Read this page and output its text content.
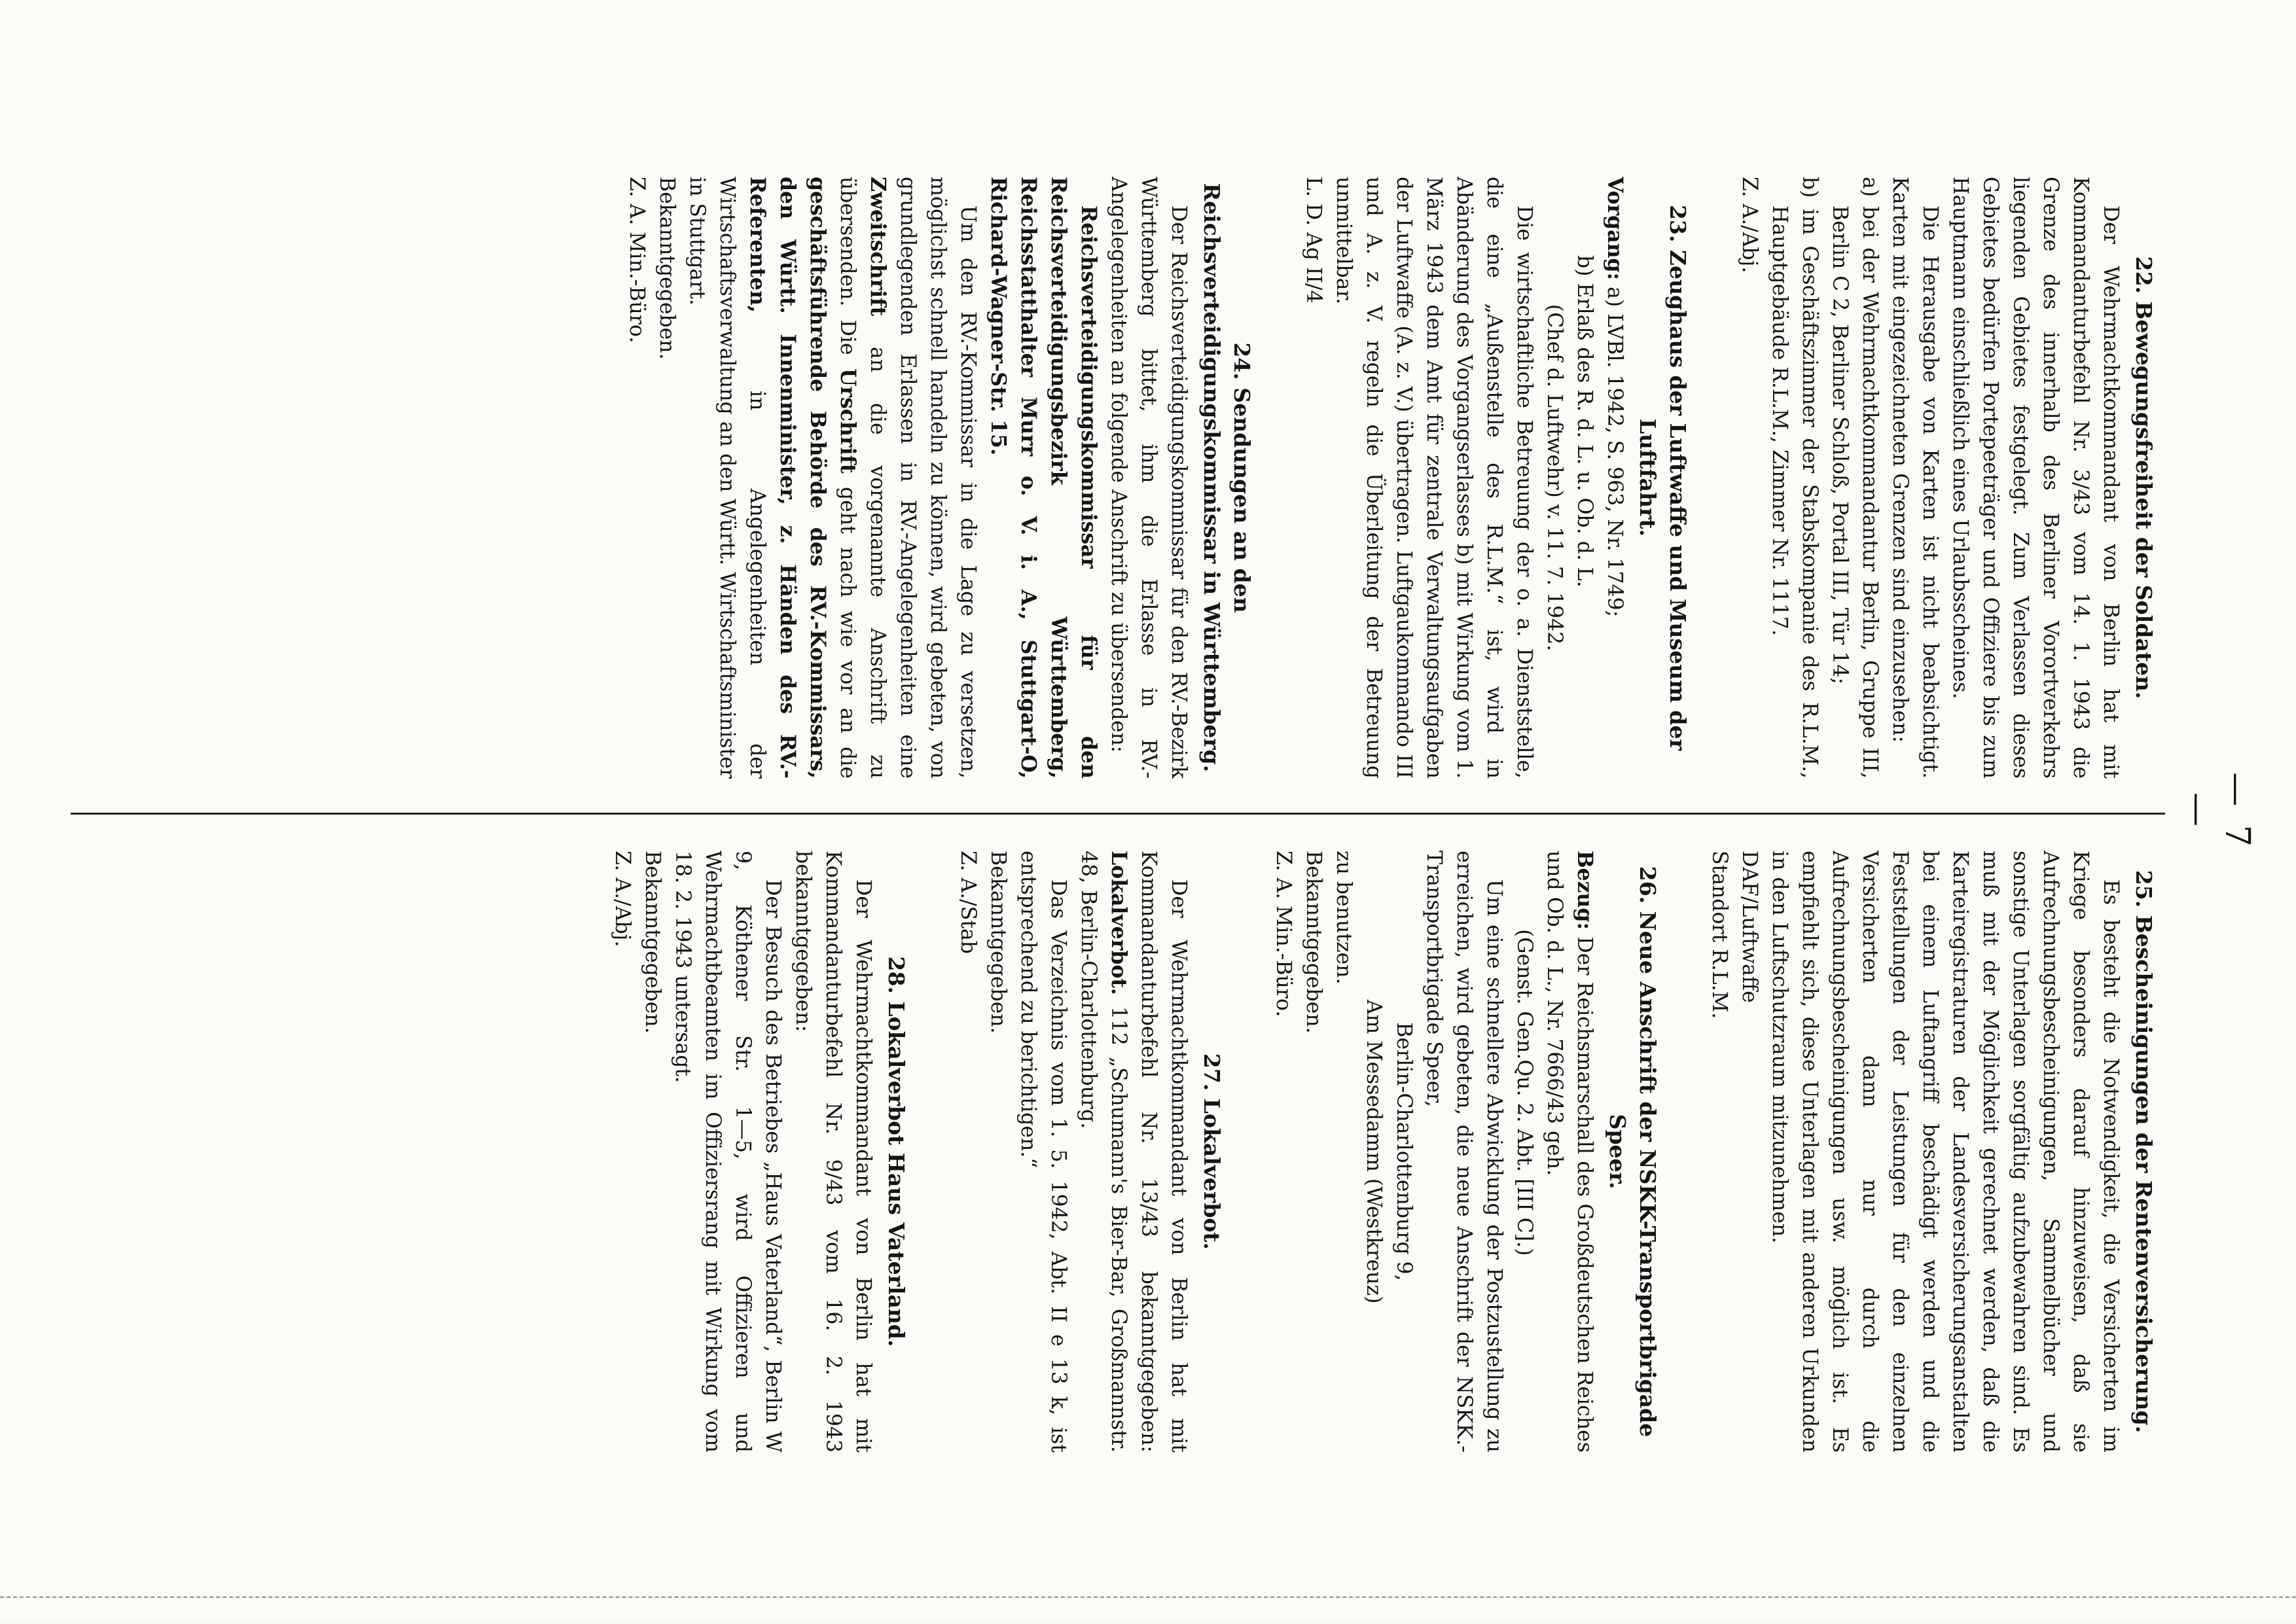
— 7 —
22. Bewegungsfreiheit der Soldaten.

Der Wehrmachtkommandant von Berlin hat mit Kommandanturbefehl Nr. 3/43 vom 14. 1. 1943 die Grenze des innerhalb des Berliner Vorortverkehrs liegenden Gebietes festgelegt. Zum Verlassen dieses Gebietes bedürfen Portepeeträger und Offiziere bis zum Hauptmann einschließlich eines Urlaubsscheines.

Die Herausgabe von Karten ist nicht beabsichtigt. Karten mit eingezeichneten Grenzen sind einzusehen:

a) bei der Wehrmachtkommandantur Berlin, Gruppe III, Berlin C 2, Berliner Schloß, Portal III, Tür 14;

b) im Geschäftszimmer der Stabskompanie des R.L.M., Hauptgebäude R.L.M., Zimmer Nr. 1117.

Z. A./Abj.

23. Zeughaus der Luftwaffe und Museum der Luftfahrt.

Vorgang: a) LVBl. 1942, S. 963, Nr. 1749;

b) Erlaß des R. d. L. u. Ob. d. L.

(Chef d. Luftwehr) v. 11. 7. 1942.

Die wirtschaftliche Betreuung der o. a. Dienststelle, die eine „Außenstelle des R.L.M.“ ist, wird in Abänderung des Vorgangserlasses b) mit Wirkung vom 1. März 1943 dem Amt für zentrale Verwaltungsaufgaben der Luftwaffe (A. z. V.) übertragen. Luftgaukommando III und A. z. V. regeln die Überleitung der Betreuung unmittelbar.

L. D. Ag II/4

24. Sendungen an den Reichsverteidigungskommissar in Württemberg.

Der Reichsverteidigungskommissar für den RV.-Bezirk Württemberg bittet, ihm die Erlasse in RV.-Angelegenheiten an folgende Anschrift zu übersenden:

Reichsverteidigungskommissar für den Reichsverteidigungsbezirk Württemberg, Reichsstatthalter Murr o. V. i. A., Stuttgart-O, Richard-Wagner-Str. 15.

Um den RV.-Kommissar in die Lage zu versetzen, möglichst schnell handeln zu können, wird gebeten, von grundlegenden Erlassen in RV.-Angelegenheiten eine Zweitschrift an die vorgenannte Anschrift zu übersenden. Die Urschrift geht nach wie vor an die geschäftsführende Behörde des RV.-Kommissars, den Württ. Innenminister, z. Händen des RV.-Referenten, in Angelegenheiten der Wirtschaftsverwaltung an den Württ. Wirtschaftsminister in Stuttgart.

Bekanntgegeben.

Z. A. Min.-Büro.

25. Bescheinigungen der Rentenversicherung.

Es besteht die Notwendigkeit, die Versicherten im Kriege besonders darauf hinzuweisen, daß sie Aufrechnungsbescheinigungen, Sammelbücher und sonstige Unterlagen sorgfältig aufzubewahren sind. Es muß mit der Möglichkeit gerechnet werden, daß die Karteiregistraturen der Landesversicherungsanstalten bei einem Luftangriff beschädigt werden und die Feststellungen der Leistungen für den einzelnen Versicherten dann nur durch die Aufrechnungsbescheinigungen usw. möglich ist. Es empfiehlt sich, diese Unterlagen mit anderen Urkunden in den Luftschutzraum mitzunehmen.

DAF/Luftwaffe

Standort R.L.M.

26. Neue Anschrift der NSKK-Transportbrigade Speer.

Bezug: Der Reichsmarschall des Großdeutschen Reiches und Ob. d. L., Nr. 7666/43 geh.

(Genst. Gen.Qu. 2. Abt. [III C].)

Um eine schnellere Abwicklung der Postzustellung zu erreichen, wird gebeten, die neue Anschrift der NSKK.-Transportbrigade Speer,

Berlin-Charlottenburg 9,

Am Messedamm (Westkreuz)

zu benutzen.

Bekanntgegeben.

Z. A. Min.-Büro.

27. Lokalverbot.

Der Wehrmachtkommandant von Berlin hat mit Kommandanturbefehl Nr. 13/43 bekanntgegeben: Lokalverbot. 112 „Schumann's Bier-Bar, Großmannstr. 48, Berlin-Charlottenburg.

Das Verzeichnis vom 1. 5. 1942, Abt. II e 13 k, ist entsprechend zu berichtigen.“

Bekanntgegeben.

Z. A./Stab

28. Lokalverbot Haus Vaterland.

Der Wehrmachtkommandant von Berlin hat mit Kommandanturbefehl Nr. 9/43 vom 16. 2. 1943 bekanntgegeben:

Der Besuch des Betriebes „Haus Vaterland“, Berlin W 9, Köthener Str. 1—5, wird Offizieren und Wehrmachtbeamten im Offiziersrang mit Wirkung vom 18. 2. 1943 untersagt.

Bekanntgegeben.

Z. A./Abj.
